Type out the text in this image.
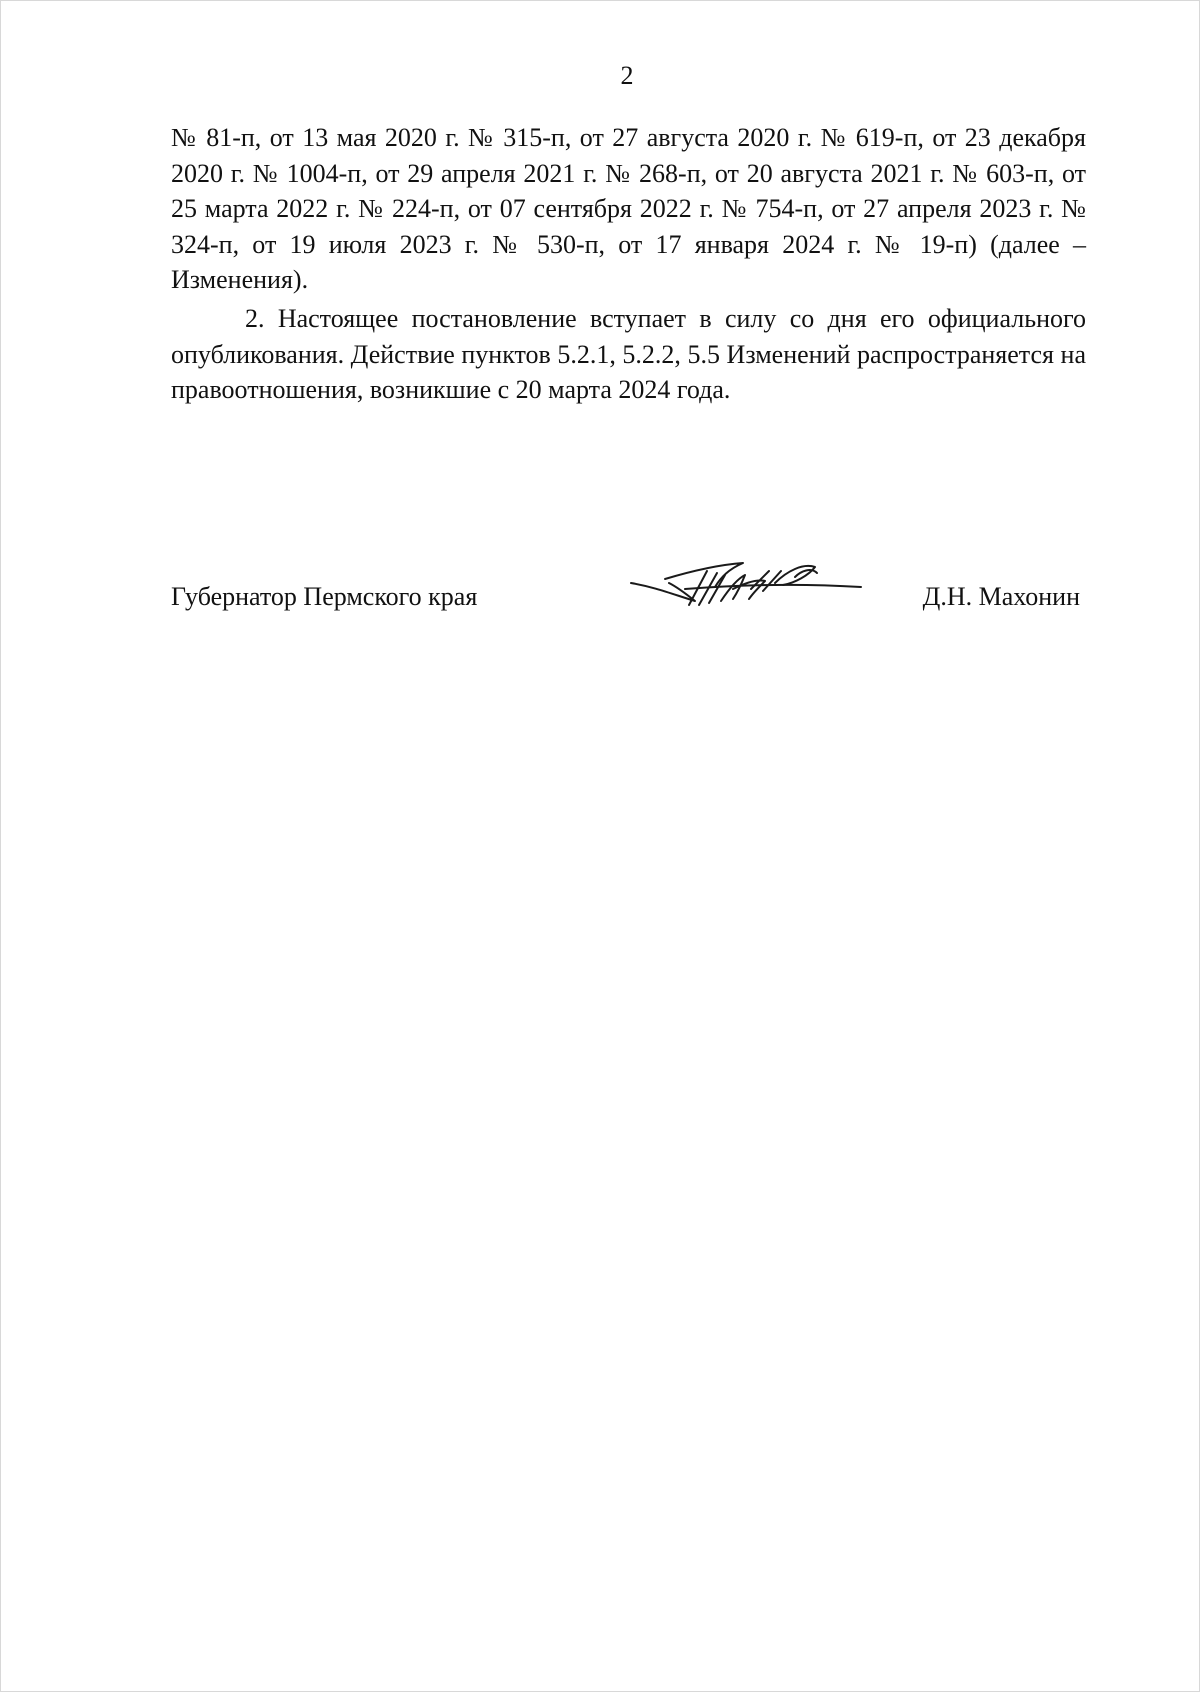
2

№ 81-п, от 13 мая 2020 г. № 315-п, от 27 августа 2020 г. № 619-п, от 23 декабря 2020 г. № 1004-п, от 29 апреля 2021 г. № 268-п, от 20 августа 2021 г. № 603-п, от 25 марта 2022 г. № 224-п, от 07 сентября 2022 г. № 754-п, от 27 апреля 2023 г. № 324-п, от 19 июля 2023 г. № 530-п, от 17 января 2024 г. № 19-п) (далее – Изменения).

2. Настоящее постановление вступает в силу со дня его официального опубликования. Действие пунктов 5.2.1, 5.2.2, 5.5 Изменений распространяется на правоотношения, возникшие с 20 марта 2024 года.

Губернатор Пермского края	Д.Н. Махонин
